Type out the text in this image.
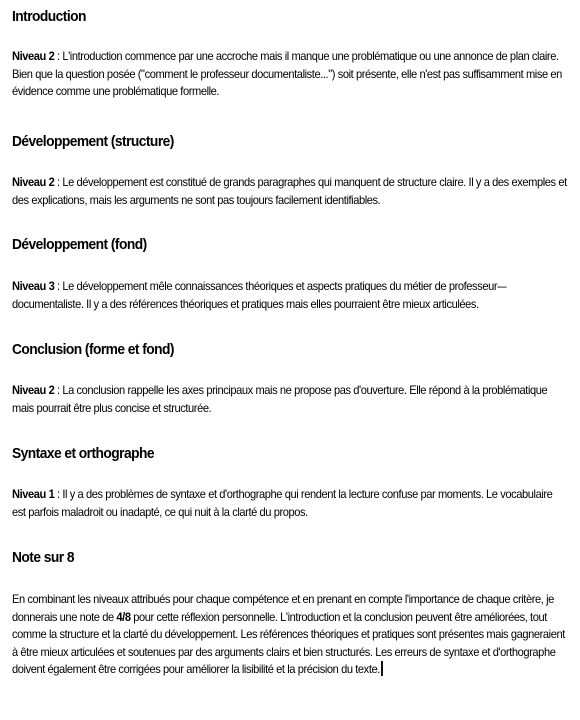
Introduction

Niveau 2 : L'introduction commence par une accroche mais il manque une problématique ou une annonce de plan claire. Bien que la question posée ("comment le professeur documentaliste...") soit présente, elle n'est pas suffisamment mise en évidence comme une problématique formelle.

Développement (structure)

Niveau 2 : Le développement est constitué de grands paragraphes qui manquent de structure claire. Il y a des exemples et des explications, mais les arguments ne sont pas toujours facilement identifiables.

Développement (fond)

Niveau 3 : Le développement mêle connaissances théoriques et aspects pratiques du métier de professeur-–documentaliste. Il y a des références théoriques et pratiques mais elles pourraient être mieux articulées.

Conclusion (forme et fond)

Niveau 2 : La conclusion rappelle les axes principaux mais ne propose pas d'ouverture. Elle répond à la problématique mais pourrait être plus concise et structurée.

Syntaxe et orthographe

Niveau 1 : Il y a des problèmes de syntaxe et d'orthographe qui rendent la lecture confuse par moments. Le vocabulaire est parfois maladroit ou inadapté, ce qui nuit à la clarté du propos.

Note sur 8

En combinant les niveaux attribués pour chaque compétence et en prenant en compte l'importance de chaque critère, je donnerais une note de 4/8 pour cette réflexion personnelle. L'introduction et la conclusion peuvent être améliorées, tout comme la structure et la clarté du développement. Les références théoriques et pratiques sont présentes mais gagneraient à être mieux articulées et soutenues par des arguments clairs et bien structurés. Les erreurs de syntaxe et d'orthographe doivent également être corrigées pour améliorer la lisibilité et la précision du texte.
